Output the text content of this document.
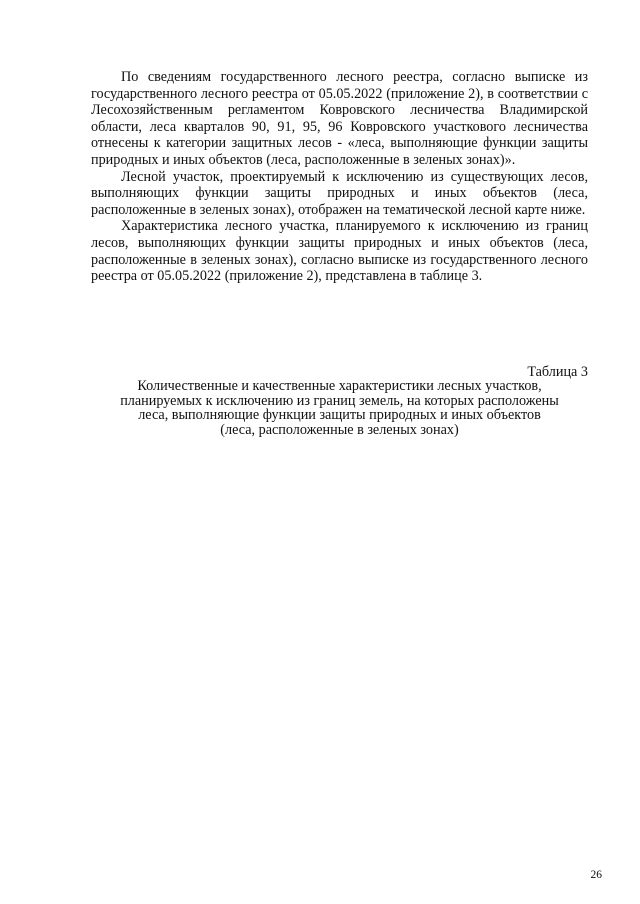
По сведениям государственного лесного реестра, согласно выписке из государственного лесного реестра от 05.05.2022 (приложение 2), в соответствии с Лесохозяйственным регламентом Ковровского лесничества Владимирской области, леса кварталов 90, 91, 95, 96 Ковровского участкового лесничества отнесены к категории защитных лесов - «леса, выполняющие функции защиты природных и иных объектов (леса, расположенные в зеленых зонах)».

Лесной участок, проектируемый к исключению из существующих лесов, выполняющих функции защиты природных и иных объектов (леса, расположенные в зеленых зонах), отображен на тематической лесной карте ниже.

Характеристика лесного участка, планируемого к исключению из границ лесов, выполняющих функции защиты природных и иных объектов (леса, расположенные в зеленых зонах), согласно выписке из государственного лесного реестра от 05.05.2022 (приложение 2), представлена в таблице 3.

Таблица 3

Количественные и качественные характеристики лесных участков,
планируемых к исключению из границ земель, на которых расположены
леса, выполняющие функции защиты природных и иных объектов
(леса, расположенные в зеленых зонах)

26
